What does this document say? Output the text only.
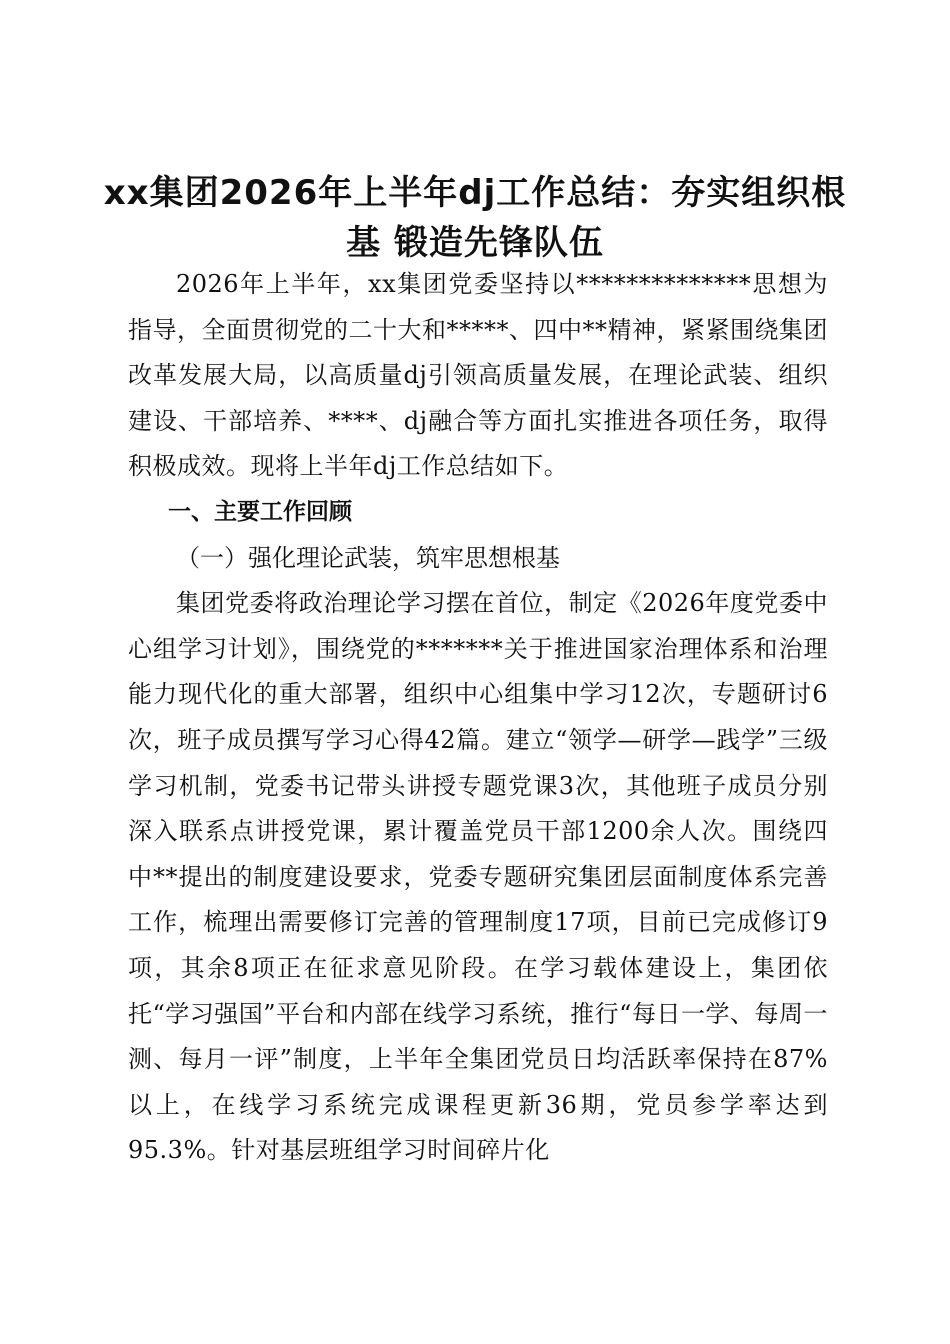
xx集团2026年上半年dj工作总结：夯实组织根基 锻造先锋队伍

2026年上半年，xx集团党委坚持以**************思想为指导，全面贯彻党的二十大和*****、四中**精神，紧紧围绕集团改革发展大局，以高质量dj引领高质量发展，在理论武装、组织建设、干部培养、****、dj融合等方面扎实推进各项任务，取得积极成效。现将上半年dj工作总结如下。

一、主要工作回顾

（一）强化理论武装，筑牢思想根基

集团党委将政治理论学习摆在首位，制定《2026年度党委中心组学习计划》，围绕党的*******关于推进国家治理体系和治理能力现代化的重大部署，组织中心组集中学习12次，专题研讨6次，班子成员撰写学习心得42篇。建立“领学—研学—践学”三级学习机制，党委书记带头讲授专题党课3次，其他班子成员分别深入联系点讲授党课，累计覆盖党员干部1200余人次。围绕四中**提出的制度建设要求，党委专题研究集团层面制度体系完善工作，梳理出需要修订完善的管理制度17项，目前已完成修订9项，其余8项正在征求意见阶段。在学习载体建设上，集团依托“学习强国”平台和内部在线学习系统，推行“每日一学、每周一测、每月一评”制度，上半年全集团党员日均活跃率保持在87%以上，在线学习系统完成课程更新36期，党员参学率达到95.3%。针对基层班组学习时间碎片化
